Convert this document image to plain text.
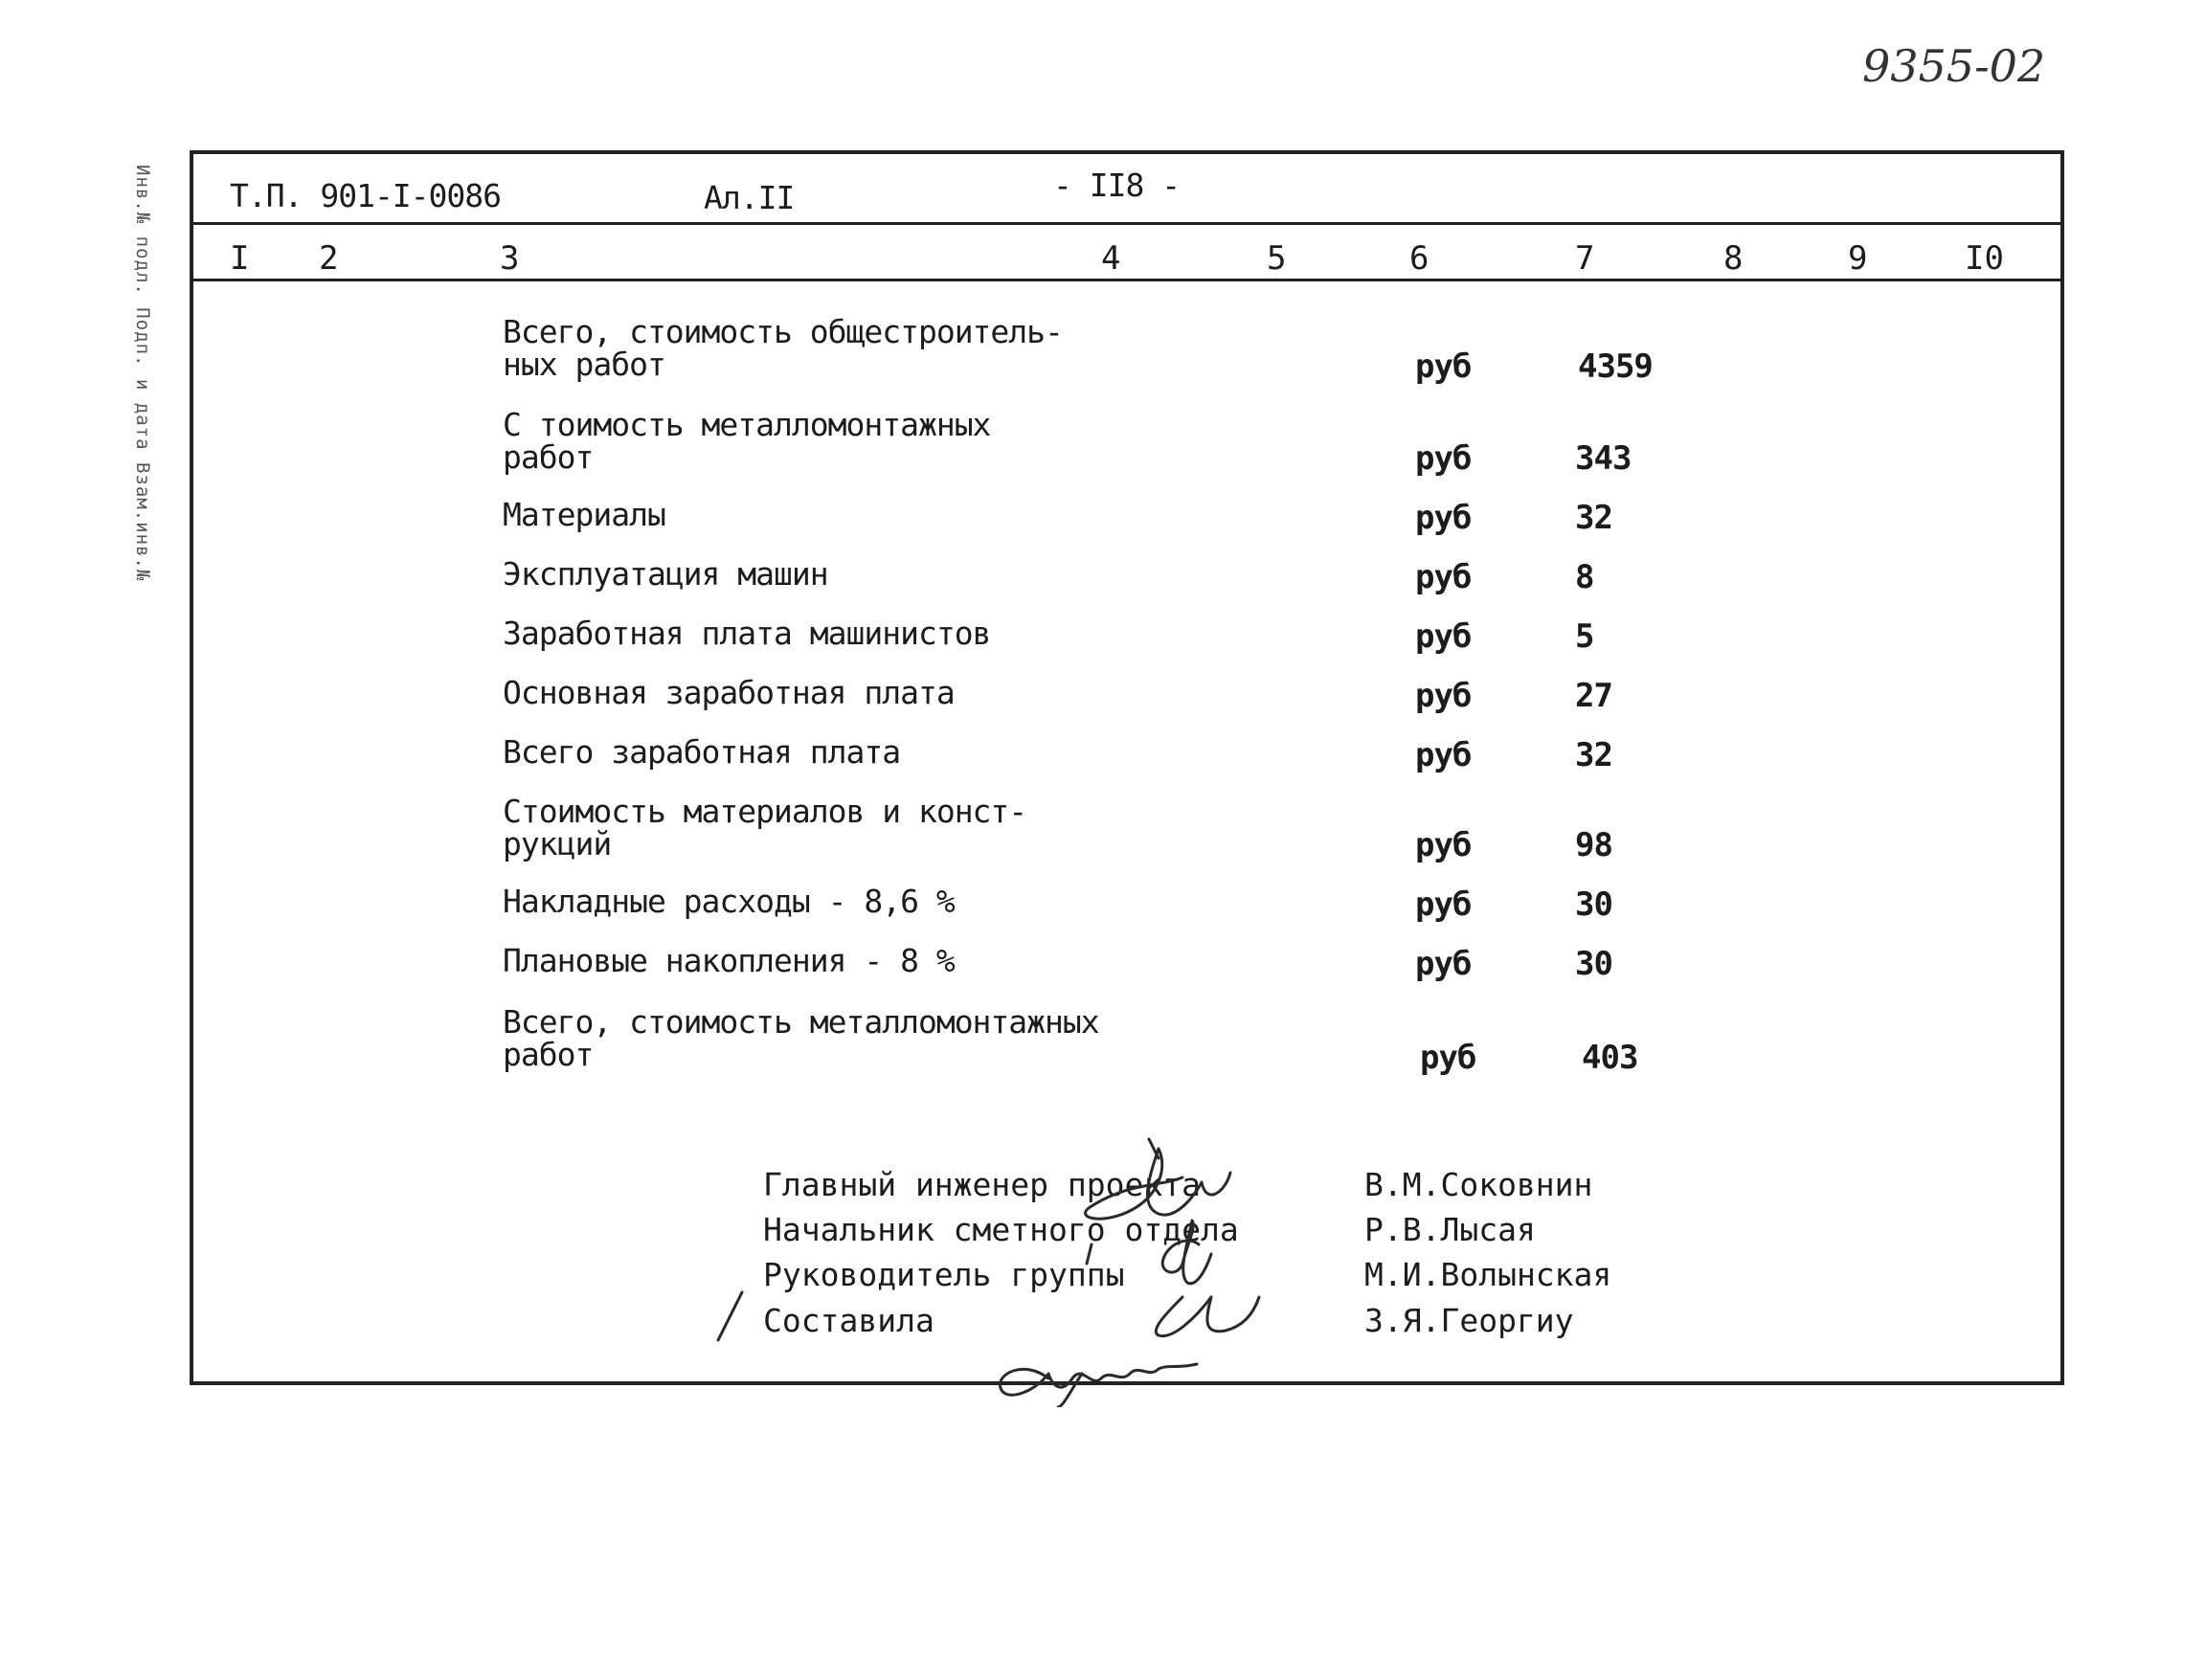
9355-02
Инв.№ подл. Подп. и дата Взам.инв.№ Т.П. 901-I-0086	Ал.II	- II8 -
I 2	3	4	5	6	7	8	9	I0
Всего, стоимость общестроитель-
ных работ	руб	4359
С тоимость металломонтажных
работ	руб	343
Материалы	руб	32
Эксплуатация машин	руб	8
Заработная плата машинистов	руб	5
Основная заработная плата	руб	27
Всего заработная плата	руб	32
Стоимость материалов и конст-
рукций	руб	98
Накладные расходы - 8,6 %	руб	30
Плановые накопления - 8 %	руб	30
Всего, стоимость металломонтажных
работ	руб	403
Главный инженер проекта	В.М.Соковнин
Начальник сметного отдела	Р.В.Лысая
Руководитель группы	М.И.Волынская
Составила	З.Я.Георгиу
